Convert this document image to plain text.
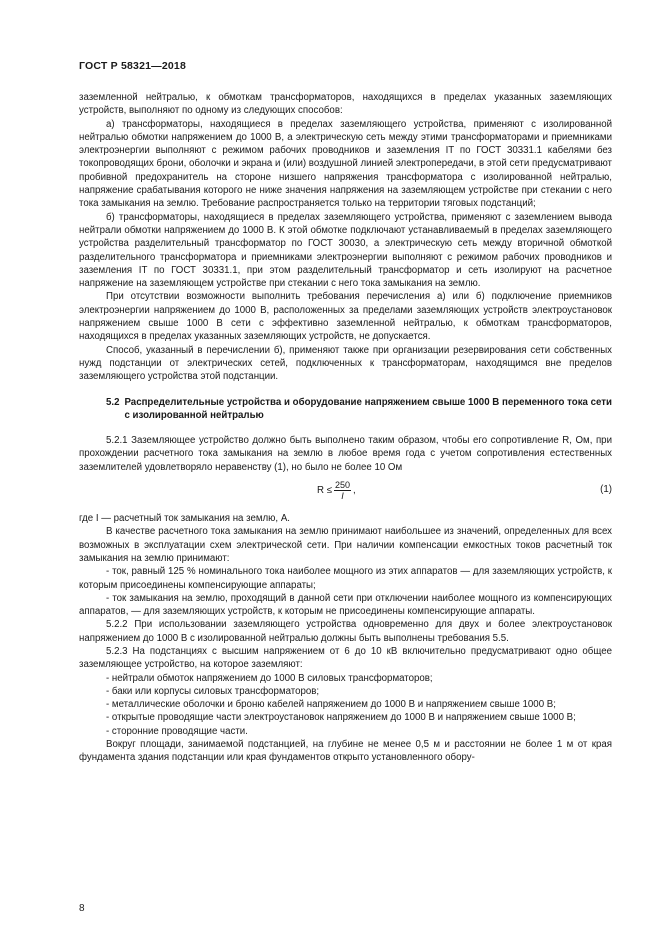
ГОСТ Р 58321—2018

заземленной нейтралью, к обмоткам трансформаторов, находящихся в пределах указанных заземляющих устройств, выполняют по одному из следующих способов:

а) трансформаторы, находящиеся в пределах заземляющего устройства, применяют с изолированной нейтралью обмотки напряжением до 1000 В, а электрическую сеть между этими трансформаторами и приемниками электроэнергии выполняют с режимом рабочих проводников и заземления IT по ГОСТ 30331.1 кабелями без токопроводящих брони, оболочки и экрана и (или) воздушной линией электропередачи, в этой сети предусматривают пробивной предохранитель на стороне низшего напряжения трансформатора с изолированной нейтралью, напряжение срабатывания которого не ниже значения напряжения на заземляющем устройстве при стекании с него тока замыкания на землю. Требование распространяется только на территории тяговых подстанций;

б) трансформаторы, находящиеся в пределах заземляющего устройства, применяют с заземлением вывода нейтрали обмотки напряжением до 1000 В. К этой обмотке подключают устанавливаемый в пределах заземляющего устройства разделительный трансформатор по ГОСТ 30030, а электрическую сеть между вторичной обмоткой разделительного трансформатора и приемниками электроэнергии выполняют с режимом рабочих проводников и заземления IT по ГОСТ 30331.1, при этом разделительный трансформатор и сеть изолируют на расчетное напряжение на заземляющем устройстве при стекании с него тока замыкания на землю.

При отсутствии возможности выполнить требования перечисления а) или б) подключение приемников электроэнергии напряжением до 1000 В, расположенных за пределами заземляющих устройств электроустановок напряжением свыше 1000 В сети с эффективно заземленной нейтралью, к обмоткам трансформаторов, находящихся в пределах указанных заземляющих устройств, не допускается.

Способ, указанный в перечислении б), применяют также при организации резервирования сети собственных нужд подстанции от электрических сетей, подключенных к трансформаторам, находящимся вне пределов заземляющего устройства этой подстанции.

5.2 Распределительные устройства и оборудование напряжением свыше 1000 В переменного тока сети с изолированной нейтралью

5.2.1 Заземляющее устройство должно быть выполнено таким образом, чтобы его сопротивление R, Ом, при прохождении расчетного тока замыкания на землю в любое время года с учетом сопротивления естественных заземлителей удовлетворяло неравенству (1), но было не более 10 Ом

$R \le \frac{250}{I}$ ,	(1)

где I — расчетный ток замыкания на землю, А.

В качестве расчетного тока замыкания на землю принимают наибольшее из значений, определенных для всех возможных в эксплуатации схем электрической сети. При наличии компенсации емкостных токов расчетный ток замыкания на землю принимают:

- ток, равный 125 % номинального тока наиболее мощного из этих аппаратов — для заземляющих устройств, к которым присоединены компенсирующие аппараты;

- ток замыкания на землю, проходящий в данной сети при отключении наиболее мощного из компенсирующих аппаратов, — для заземляющих устройств, к которым не присоединены компенсирующие аппараты.

5.2.2 При использовании заземляющего устройства одновременно для двух и более электроустановок напряжением до 1000 В с изолированной нейтралью должны быть выполнены требования 5.5.

5.2.3 На подстанциях с высшим напряжением от 6 до 10 кВ включительно предусматривают одно общее заземляющее устройство, на которое заземляют:

- нейтрали обмоток напряжением до 1000 В силовых трансформаторов;

- баки или корпусы силовых трансформаторов;

- металлические оболочки и броню кабелей напряжением до 1000 В и напряжением свыше 1000 В;

- открытые проводящие части электроустановок напряжением до 1000 В и напряжением свыше 1000 В;

- сторонние проводящие части.

Вокруг площади, занимаемой подстанцией, на глубине не менее 0,5 м и расстоянии не более 1 м от края фундамента здания подстанции или края фундаментов открыто установленного обору-

8
